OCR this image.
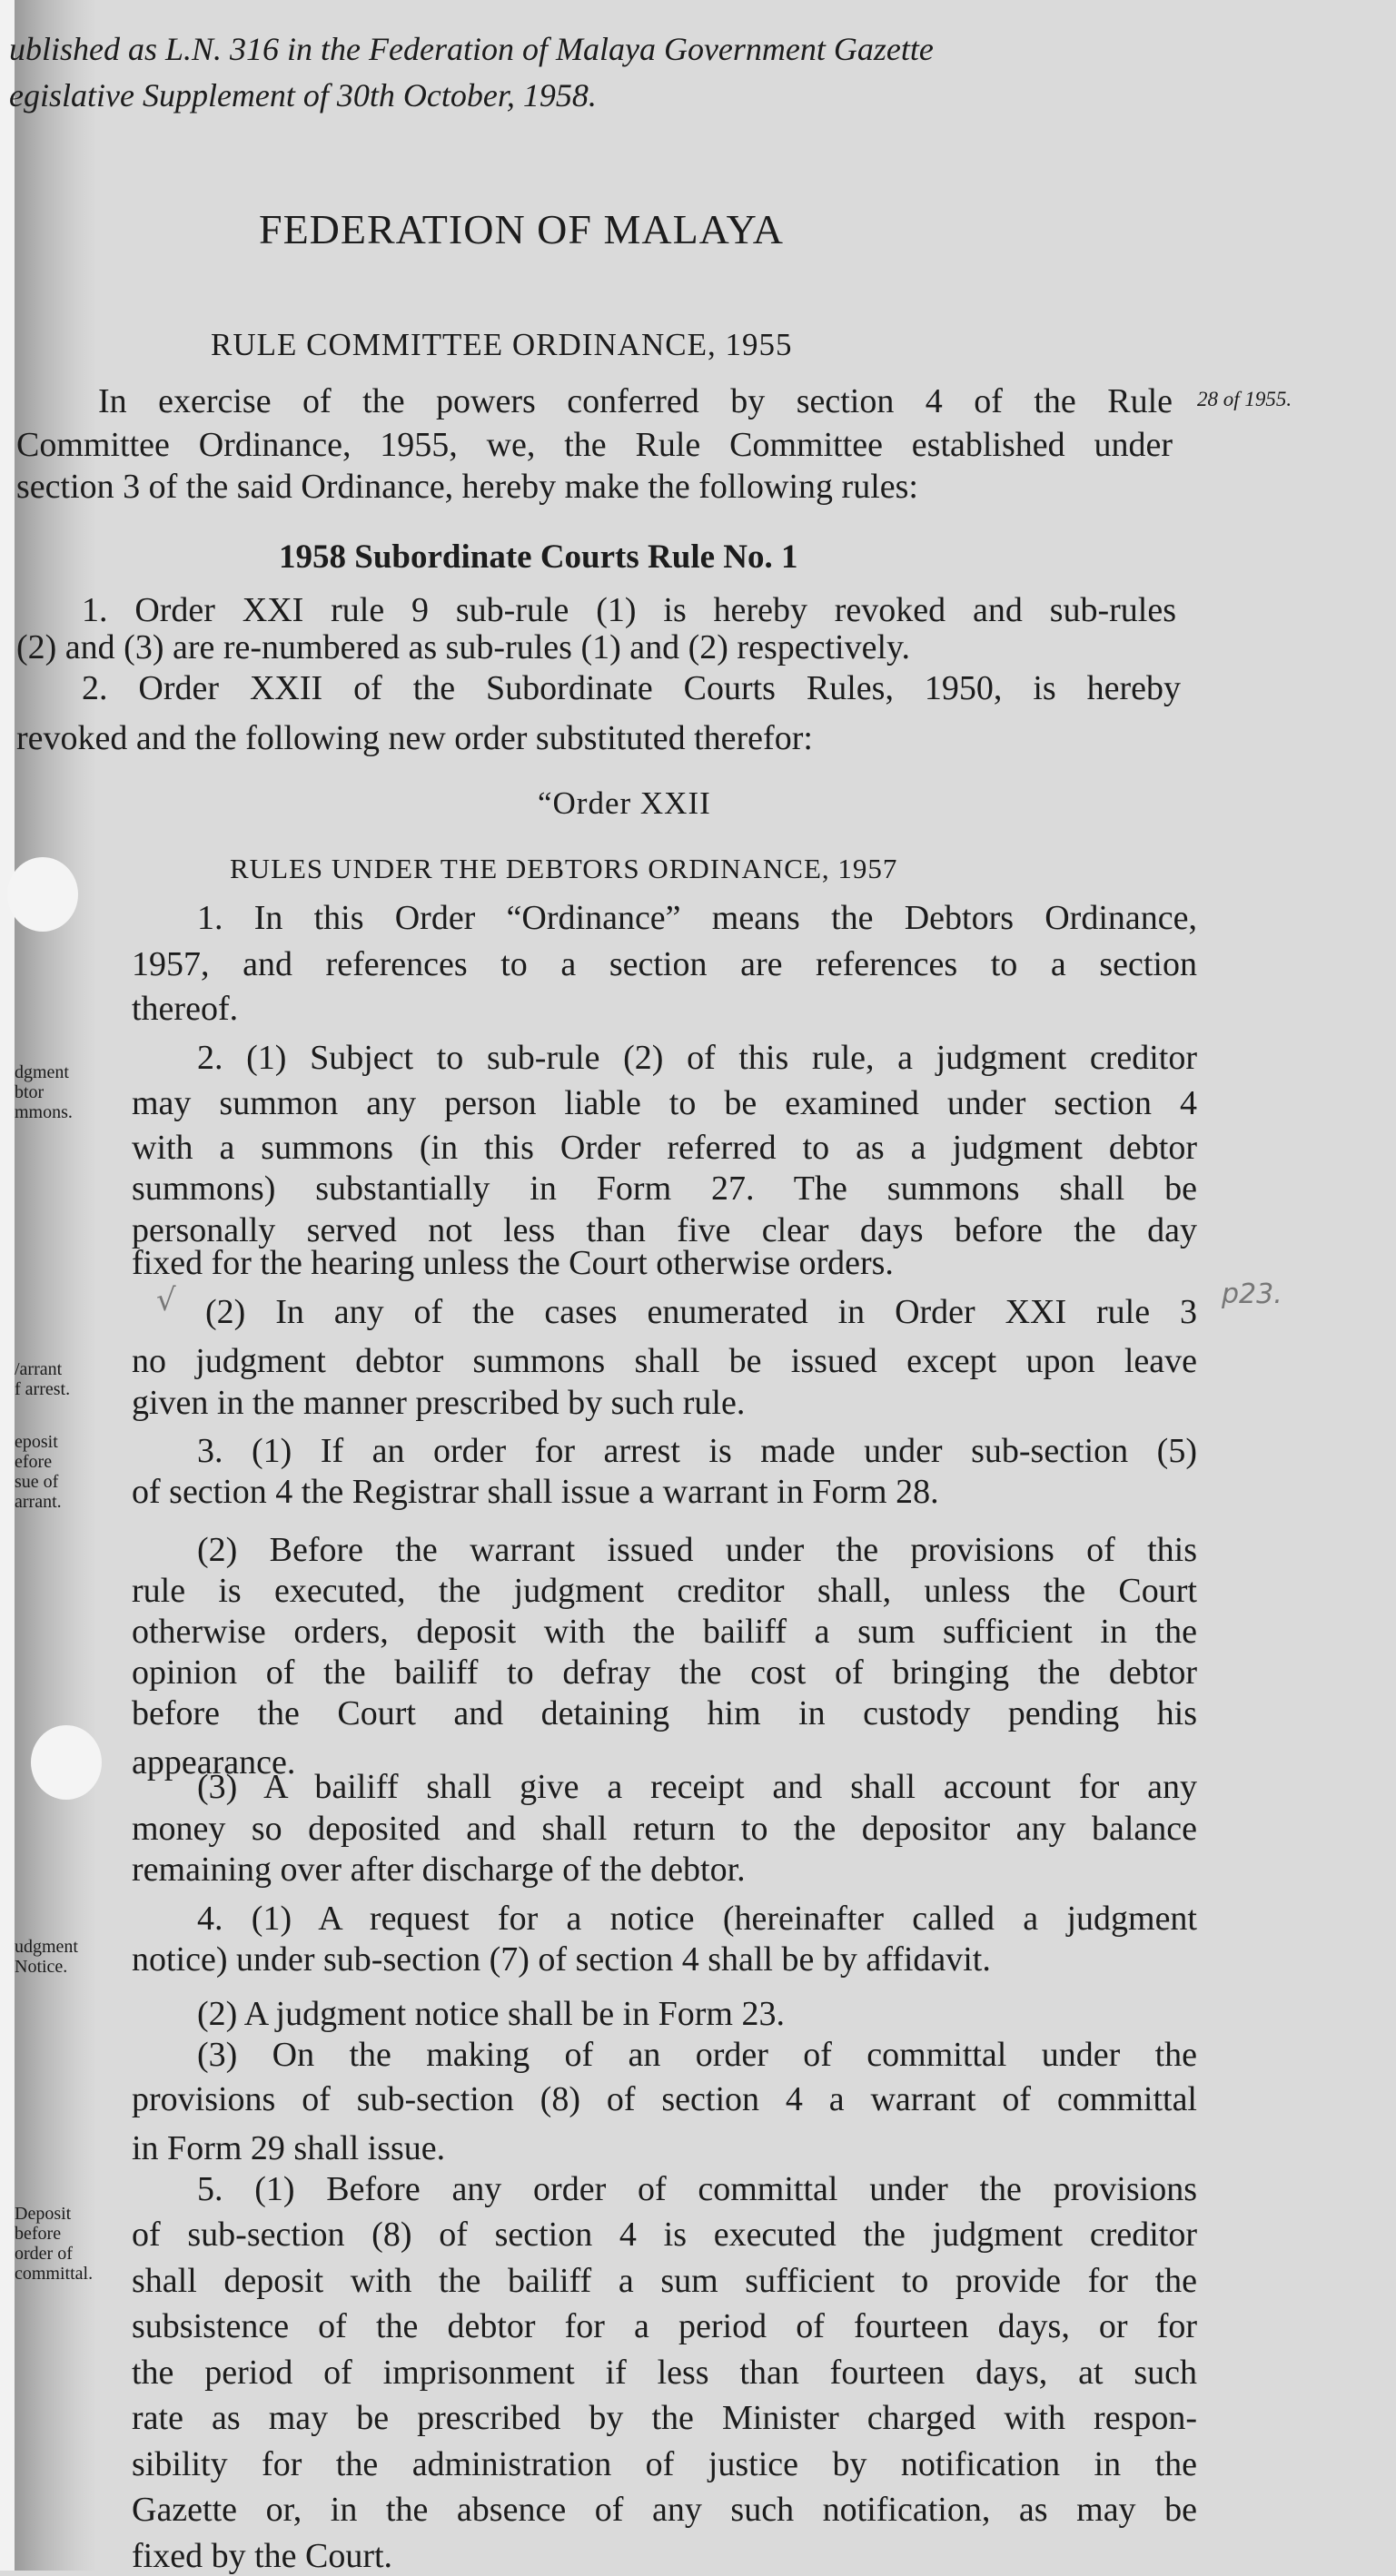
ublished as L.N. 316 in the Federation of Malaya Government Gazette
egislative Supplement of 30th October, 1958.
FEDERATION OF MALAYA
RULE COMMITTEE ORDINANCE, 1955
In exercise of the powers conferred by section 4 of the Rule
Committee Ordinance, 1955, we, the Rule Committee established under
section 3 of the said Ordinance, hereby make the following rules:
28 of 1955.
1958 Subordinate Courts Rule No. 1
1. Order XXI rule 9 sub-rule (1) is hereby revoked and sub-rules
(2) and (3) are re-numbered as sub-rules (1) and (2) respectively.
2. Order XXII of the Subordinate Courts Rules, 1950, is hereby
revoked and the following new order substituted therefor:
“Order XXII
RULES UNDER THE DEBTORS ORDINANCE, 1957
1. In this Order “Ordinance” means the Debtors Ordinance,
1957, and references to a section are references to a section
thereof.
2. (1) Subject to sub-rule (2) of this rule, a judgment creditor
may summon any person liable to be examined under section 4
with a summons (in this Order referred to as a judgment debtor
summons) substantially in Form 27. The summons shall be
personally served not less than five clear days before the day
fixed for the hearing unless the Court otherwise orders.
(2) In any of the cases enumerated in Order XXI rule 3
no judgment debtor summons shall be issued except upon leave
given in the manner prescribed by such rule.
3. (1) If an order for arrest is made under sub-section (5)
of section 4 the Registrar shall issue a warrant in Form 28.
(2) Before the warrant issued under the provisions of this
rule is executed, the judgment creditor shall, unless the Court
otherwise orders, deposit with the bailiff a sum sufficient in the
opinion of the bailiff to defray the cost of bringing the debtor
before the Court and detaining him in custody pending his
appearance.
(3) A bailiff shall give a receipt and shall account for any
money so deposited and shall return to the depositor any balance
remaining over after discharge of the debtor.
4. (1) A request for a notice (hereinafter called a judgment
notice) under sub-section (7) of section 4 shall be by affidavit.
(2) A judgment notice shall be in Form 23.
(3) On the making of an order of committal under the
provisions of sub-section (8) of section 4 a warrant of committal
in Form 29 shall issue.
5. (1) Before any order of committal under the provisions
of sub-section (8) of section 4 is executed the judgment creditor
shall deposit with the bailiff a sum sufficient to provide for the
subsistence of the debtor for a period of fourteen days, or for
the period of imprisonment if less than fourteen days, at such
rate as may be prescribed by the Minister charged with respon-
sibility for the administration of justice by notification in the
Gazette or, in the absence of any such notification, as may be
fixed by the Court.
dgment
btor
mmons.
/arrant
f arrest.
eposit
efore
sue of
arrant.
udgment
Notice.
Deposit
before
order of
committal.
√	p23.
